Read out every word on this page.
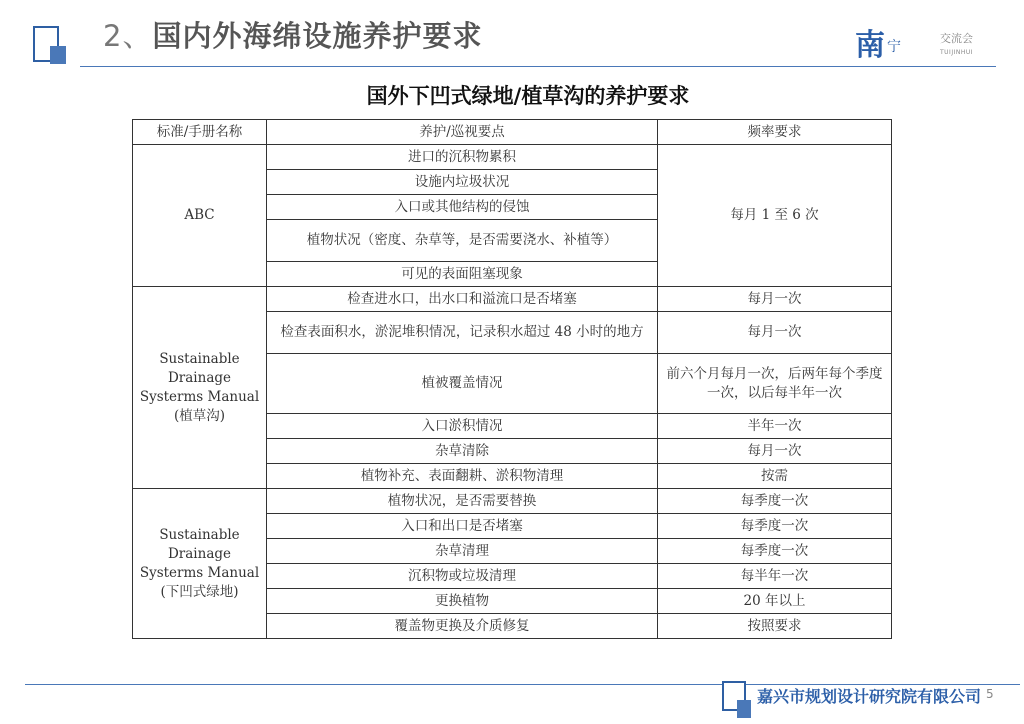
2、国内外海绵设施养护要求	南 宁
交流会
TUIJINHUI
国外下凹式绿地/植草沟的养护要求
标准/手册名称	养护/巡视要点	频率要求
ABC	进口的沉积物累积	每月 1 至 6 次
	设施内垃圾状况	
	入口或其他结构的侵蚀	
	植物状况（密度、杂草等，是否需要浇水、补植等）	
	可见的表面阻塞现象	
Sustainable Drainage Systerms Manual (植草沟)	检查进水口，出水口和溢流口是否堵塞	每月一次
	检查表面积水，淤泥堆积情况，记录积水超过 48 小时的地方	每月一次
	植被覆盖情况	前六个月每月一次，后两年每个季度一次，以后每半年一次
	入口淤积情况	半年一次
	杂草清除	每月一次
	植物补充、表面翻耕、淤积物清理	按需
Sustainable Drainage Systerms Manual (下凹式绿地)	植物状况，是否需要替换	每季度一次
	入口和出口是否堵塞	每季度一次
	杂草清理	每季度一次
	沉积物或垃圾清理	每半年一次
	更换植物	20 年以上
	覆盖物更换及介质修复	按照要求
嘉兴市规划设计研究院有限公司 5
